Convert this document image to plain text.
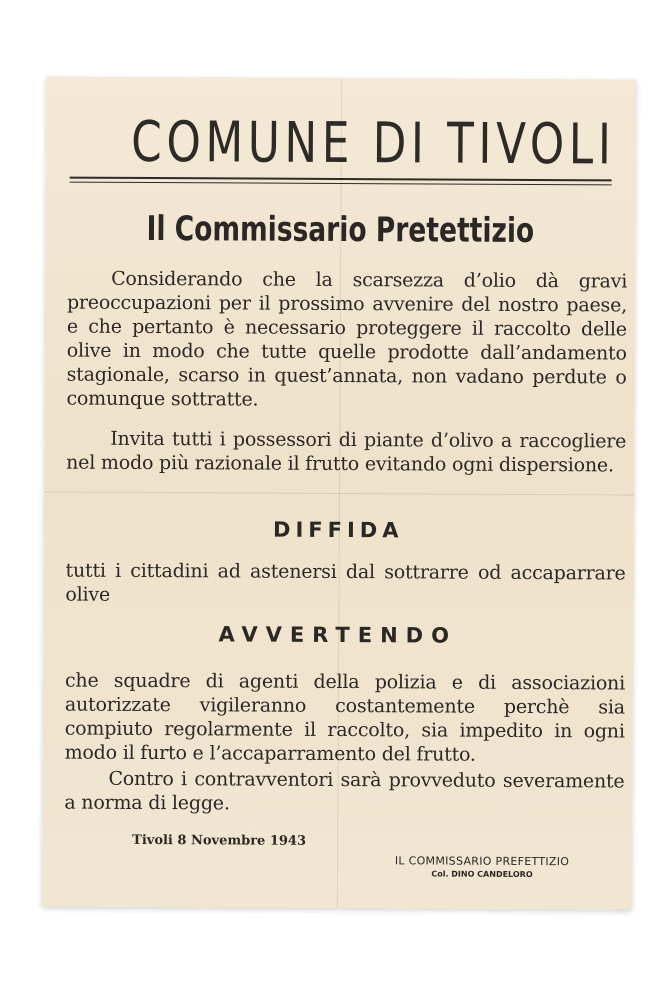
COMUNE DI TIVOLI
Il Commissario Pretettizio
Considerando che la scarsezza d’olio dà gravi preoccupazioni per il prossimo avvenire del nostro paese, e che pertanto è necessario proteggere il raccolto delle olive in modo che tutte quelle prodotte dall’andamento stagionale, scarso in quest’annata, non vadano perdute o comunque sottratte.
Invita tutti i possessori di piante d’olivo a raccogliere nel modo più razionale il frutto evitando ogni dispersione.
DIFFIDA
tutti i cittadini ad astenersi dal sottrarre od accaparrare olive
AVVERTENDO
che squadre di agenti della polizia e di associazioni autorizzate vigileranno costantemente perchè sia compiuto regolarmente il raccolto, sia impedito in ogni modo il furto e l’accaparramento del frutto.
Contro i contravventori sarà provveduto severamente a norma di legge.
Tivoli 8 Novembre 1943
IL COMMISSARIO PREFETTIZIO
Col. DINO CANDELORO
